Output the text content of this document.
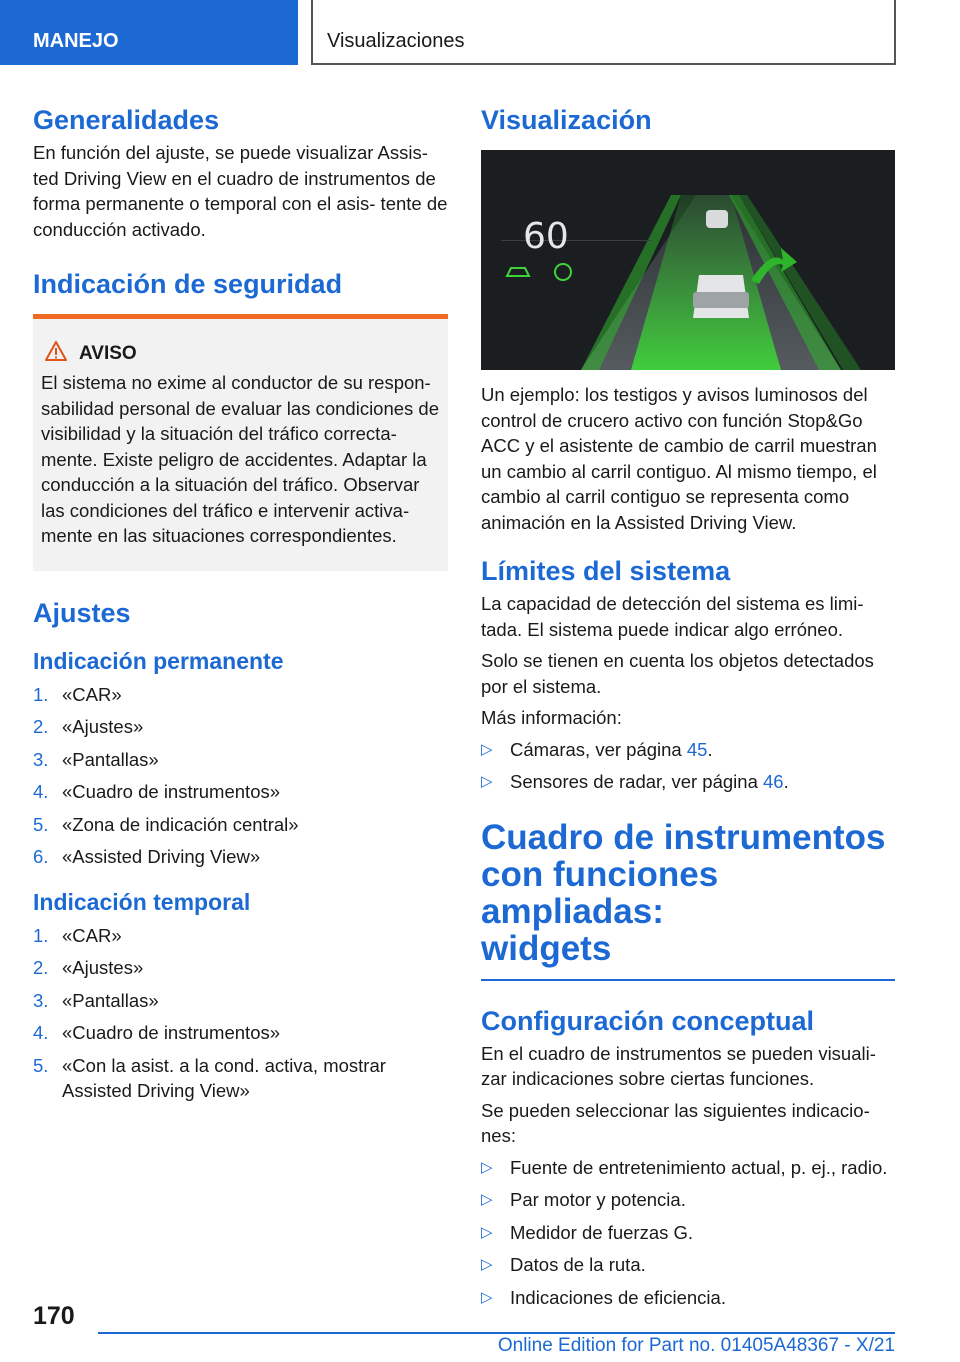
MANEJO	Visualizaciones
Generalidades

En función del ajuste, se puede visualizar Assis- ted Driving View en el cuadro de instrumentos de forma permanente o temporal con el asis- tente de conducción activado.

Indicación de seguridad
AVISO

El sistema no exime al conductor de su respon- sabilidad personal de evaluar las condiciones de visibilidad y la situación del tráfico correcta- mente. Existe peligro de accidentes. Adaptar la conducción a la situación del tráfico. Observar las condiciones del tráfico e intervenir activa- mente en las situaciones correspondientes.

Ajustes
Indicación permanente
1. «CAR»
2. «Ajustes»
3. «Pantallas»
4. «Cuadro de instrumentos»
5. «Zona de indicación central»
6. «Assisted Driving View»
Indicación temporal
1. «CAR»
2. «Ajustes»
3. «Pantallas»
4. «Cuadro de instrumentos»
5. «Con la asist. a la cond. activa, mostrar Assisted Driving View»
Visualización
60

Un ejemplo: los testigos y avisos luminosos del control de crucero activo con función Stop&Go ACC y el asistente de cambio de carril muestran un cambio al carril contiguo. Al mismo tiempo, el cambio al carril contiguo se representa como animación en la Assisted Driving View.

Límites del sistema

La capacidad de detección del sistema es limi- tada. El sistema puede indicar algo erróneo.

Solo se tienen en cuenta los objetos detectados por el sistema.

Más información:

▷ Cámaras, ver página 45.
▷ Sensores de radar, ver página 46.
Cuadro de instrumentos
con funciones ampliadas:
widgets
Configuración conceptual

En el cuadro de instrumentos se pueden visuali- zar indicaciones sobre ciertas funciones.

Se pueden seleccionar las siguientes indicacio- nes:

▷ Fuente de entretenimiento actual, p. ej., radio.
▷ Par motor y potencia.
▷ Medidor de fuerzas G.
▷ Datos de la ruta.
▷ Indicaciones de eficiencia.
170
Online Edition for Part no. 01405A48367 - X/21
